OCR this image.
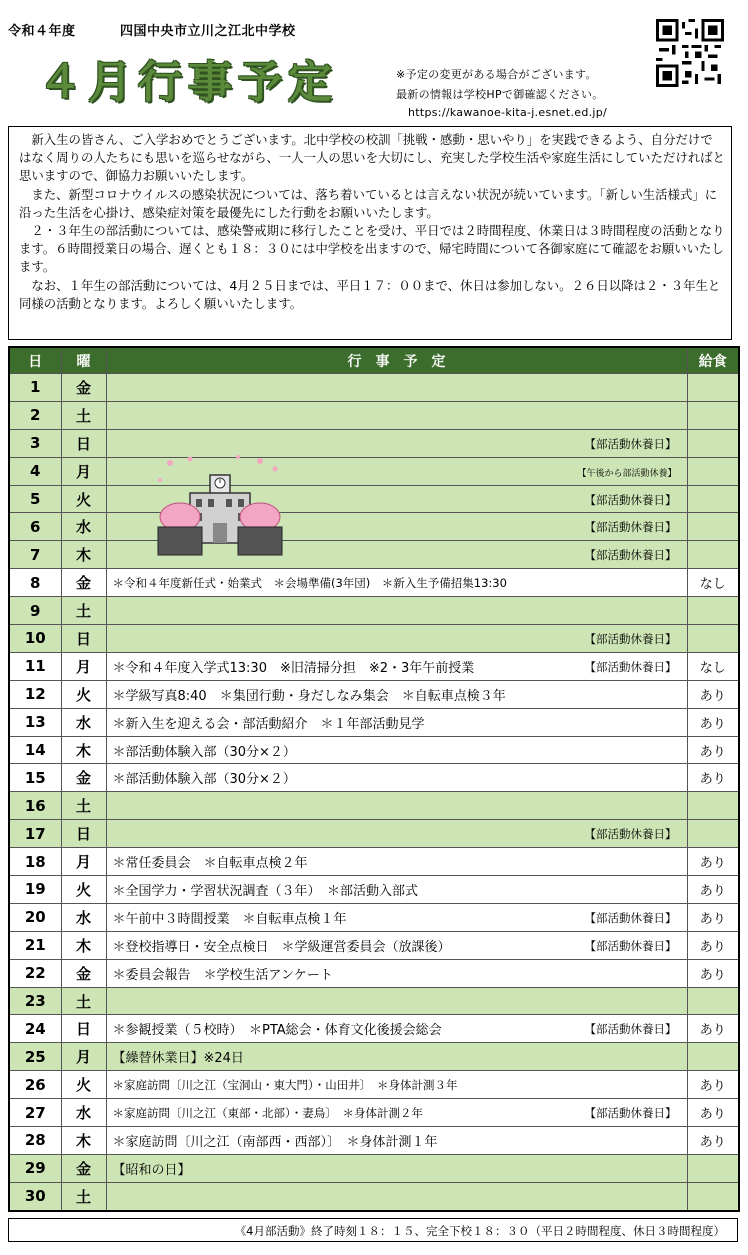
令和４年度	四国中央市立川之江北中学校
４月行事予定	※予定の変更がある場合がございます。
最新の情報は学校HPで御確認ください。
https://kawanoe-kita-j.esnet.ed.jp/

新入生の皆さん、ご入学おめでとうございます。北中学校の校訓「挑戦・感動・思いやり」を実践できるよう、自分だけではなく周りの人たちにも思いを巡らせながら、一人一人の思いを大切にし、充実した学校生活や家庭生活にしていただければと思いますので、御協力お願いいたします。

また、新型コロナウイルスの感染状況については、落ち着いているとは言えない状況が続いています。「新しい生活様式」に沿った生活を心掛け、感染症対策を最優先にした行動をお願いいたします。

２・３年生の部活動については、感染警戒期に移行したことを受け、平日では２時間程度、休業日は３時間程度の活動となります。６時間授業日の場合、遅くとも１８：３０には中学校を出ますので、帰宅時間について各御家庭にて確認をお願いいたします。

なお、１年生の部活動については、4月２５日までは、平日１７：００まで、休日は参加しない。２６日以降は２・３年生と同様の活動となります。よろしく願いいたします。

日	曜	行　事　予　定	給食
1	金	

2	土	

3	日	【部活動休養日】	

4	月	【午後から部活動休養】	

5	火	【部活動休養日】	

6	水	【部活動休養日】	

7	木	【部活動休養日】	

8	金	＊令和４年度新任式・始業式　＊会場準備(3年団)　＊新入生予備招集13:30	なし
9	土	

10	日	【部活動休養日】	

11	月	＊令和４年度入学式13:30　※旧清掃分担　※2・3年午前授業 【部活動休養日】	なし
12	火	＊学級写真8:40　＊集団行動・身だしなみ集会　＊自転車点検３年	あり
13	水	＊新入生を迎える会・部活動紹介　＊１年部活動見学	あり
14	木	＊部活動体験入部（30分×２）	あり
15	金	＊部活動体験入部（30分×２）	あり
16	土	

17	日	【部活動休養日】	

18	月	＊常任委員会　＊自転車点検２年	あり
19	火	＊全国学力・学習状況調査（３年）　＊部活動入部式	あり
20	水	＊午前中３時間授業　＊自転車点検１年 【部活動休養日】	あり
21	木	＊登校指導日・安全点検日　＊学級運営委員会（放課後） 【部活動休養日】	あり
22	金	＊委員会報告　＊学校生活アンケート	あり
23	土	

24	日	＊参観授業（５校時）　＊PTA総会・体育文化後援会総会 【部活動休養日】	あり
25	月	【繰替休業日】※24日

26	火	＊家庭訪問〔川之江（宝洞山・東大門）・山田井〕　＊身体計測３年	あり
27	水	＊家庭訪問〔川之江（東部・北部）・妻鳥〕　＊身体計測２年 【部活動休養日】	あり
28	木	＊家庭訪問〔川之江（南部西・西部）〕　＊身体計測１年	あり
29	金	【昭和の日】

30	土	

《4月部活動》終了時刻１８：１５、完全下校１８：３０（平日２時間程度、休日３時間程度）
